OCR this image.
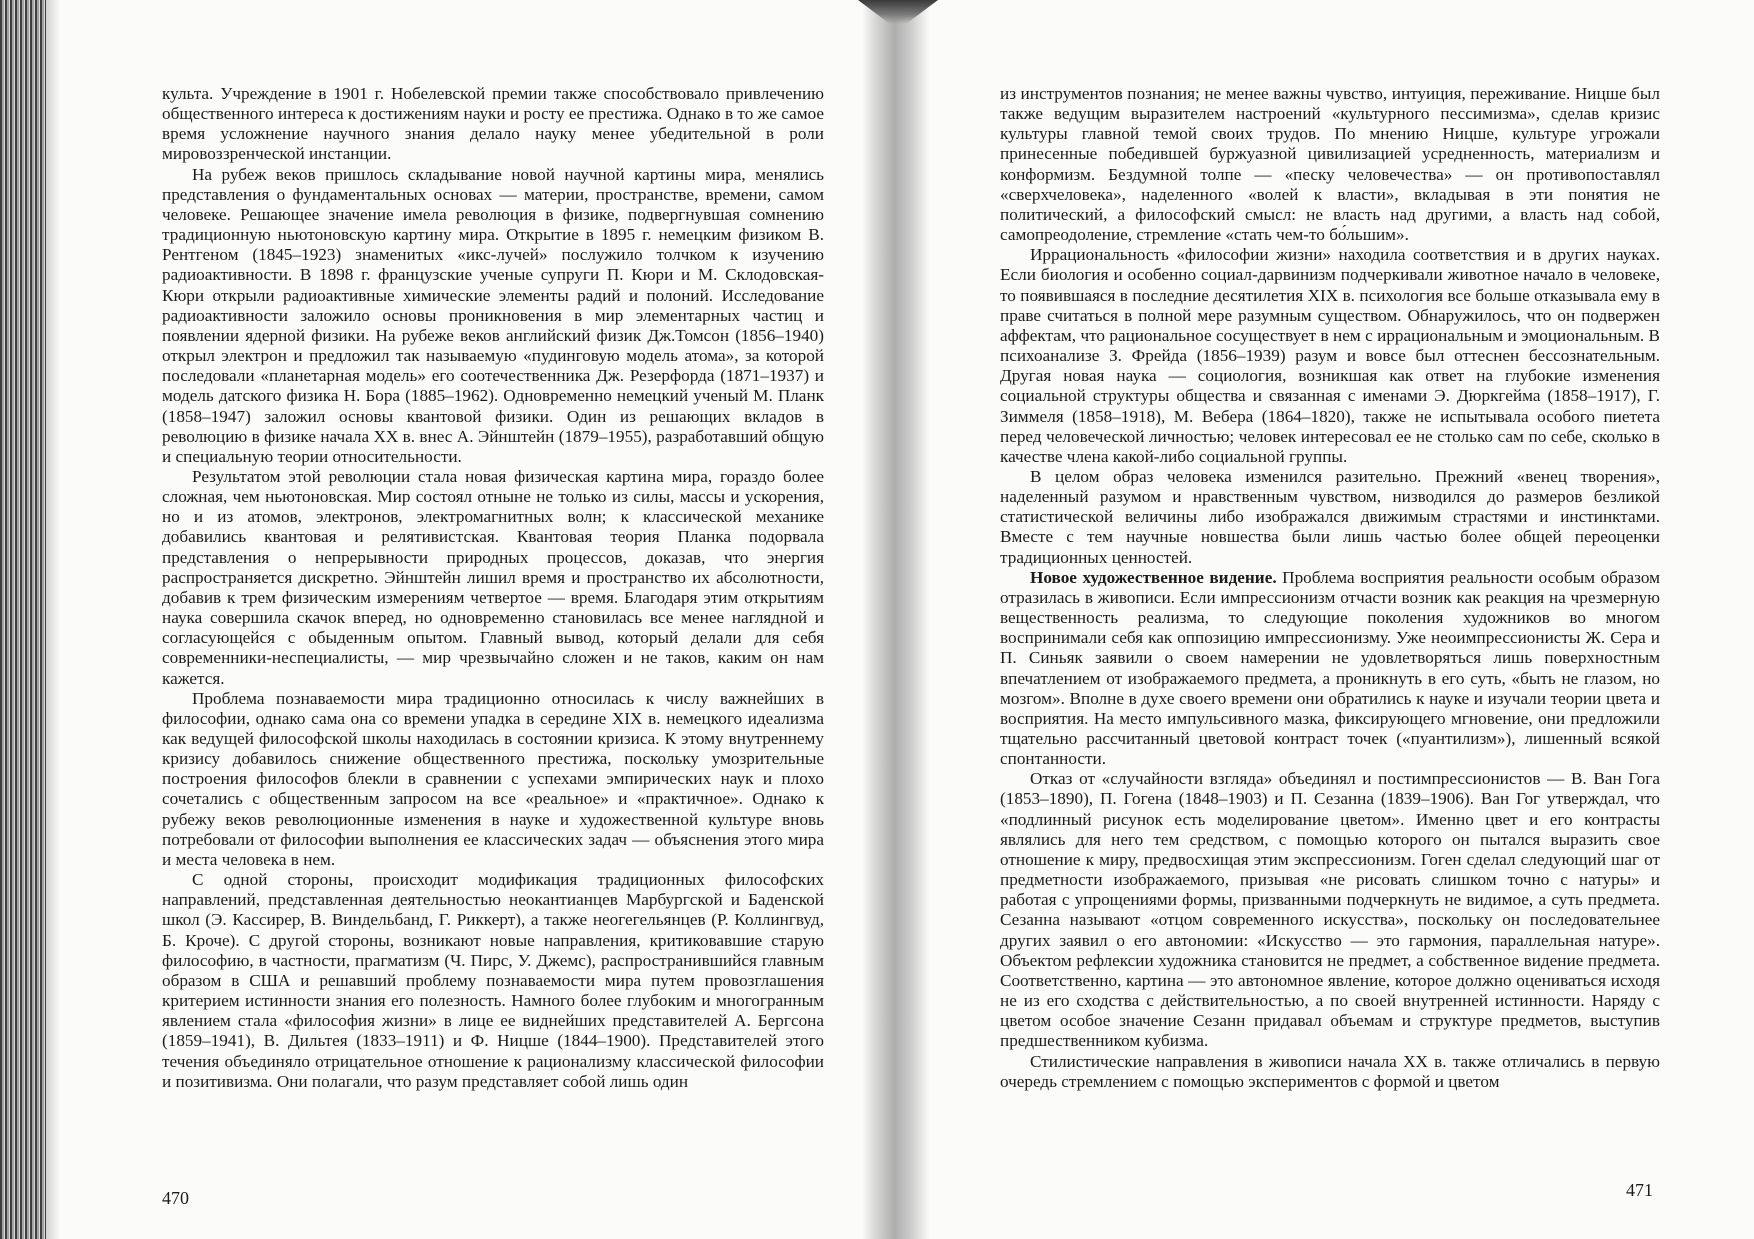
культа. Учреждение в 1901 г. Нобелевской премии также способствовало привлечению общественного интереса к достижениям науки и росту ее престижа. Однако в то же самое время усложнение научного знания делало науку менее убедительной в роли мировоззренческой инстанции.

На рубеж веков пришлось складывание новой научной картины мира, менялись представления о фундаментальных основах — материи, пространстве, времени, самом человеке. Решающее значение имела революция в физике, подвергнувшая сомнению традиционную ньютоновскую картину мира. Открытие в 1895 г. немецким физиком В. Рентгеном (1845–1923) знаменитых «икс-лучей» послужило толчком к изучению радиоактивности. В 1898 г. французские ученые супруги П. Кюри и М. Склодовская-Кюри открыли радиоактивные химические элементы радий и полоний. Исследование радиоактивности заложило основы проникновения в мир элементарных частиц и появлении ядерной физики. На рубеже веков английский физик Дж.Томсон (1856–1940) открыл электрон и предложил так называемую «пудинговую модель атома», за которой последовали «планетарная модель» его соотечественника Дж. Резерфорда (1871–1937) и модель датского физика Н. Бора (1885–1962). Одновременно немецкий ученый М. Планк (1858–1947) заложил основы квантовой физики. Один из решающих вкладов в революцию в физике начала XX в. внес А. Эйнштейн (1879–1955), разработавший общую и специальную теории относительности.

Результатом этой революции стала новая физическая картина мира, гораздо более сложная, чем ньютоновская. Мир состоял отныне не только из силы, массы и ускорения, но и из атомов, электронов, электромагнитных волн; к классической механике добавились квантовая и релятивистская. Квантовая теория Планка подорвала представления о непрерывности природных процессов, доказав, что энергия распространяется дискретно. Эйнштейн лишил время и пространство их абсолютности, добавив к трем физическим измерениям четвертое — время. Благодаря этим открытиям наука совершила скачок вперед, но одновременно становилась все менее наглядной и согласующейся с обыденным опытом. Главный вывод, который делали для себя современники-неспециалисты, — мир чрезвычайно сложен и не таков, каким он нам кажется.

Проблема познаваемости мира традиционно относилась к числу важнейших в философии, однако сама она со времени упадка в середине XIX в. немецкого идеализма как ведущей философской школы находилась в состоянии кризиса. К этому внутреннему кризису добавилось снижение общественного престижа, поскольку умозрительные построения философов блекли в сравнении с успехами эмпирических наук и плохо сочетались с общественным запросом на все «реальное» и «практичное». Однако к рубежу веков революционные изменения в науке и художественной культуре вновь потребовали от философии выполнения ее классических задач — объяснения этого мира и места человека в нем.

С одной стороны, происходит модификация традиционных философских направлений, представленная деятельностью неокантианцев Марбургской и Баденской школ (Э. Кассирер, В. Виндельбанд, Г. Риккерт), а также неогегельянцев (Р. Коллингвуд, Б. Кроче). С другой стороны, возникают новые направления, критиковавшие старую философию, в частности, прагматизм (Ч. Пирс, У. Джемс), распространившийся главным образом в США и решавший проблему познаваемости мира путем провозглашения критерием истинности знания его полезность. Намного более глубоким и многогранным явлением стала «философия жизни» в лице ее виднейших представителей А. Бергсона (1859–1941), В. Дильтея (1833–1911) и Ф. Ницше (1844–1900). Представителей этого течения объединяло отрицательное отношение к рационализму классической философии и позитивизма. Они полагали, что разум представляет собой лишь один

470

из инструментов познания; не менее важны чувство, интуиция, переживание. Ницше был также ведущим выразителем настроений «культурного пессимизма», сделав кризис культуры главной темой своих трудов. По мнению Ницше, культуре угрожали принесенные победившей буржуазной цивилизацией усредненность, материализм и конформизм. Бездумной толпе — «песку человечества» — он противопоставлял «сверхчеловека», наделенного «волей к власти», вкладывая в эти понятия не политический, а философский смысл: не власть над другими, а власть над собой, самопреодоление, стремление «стать чем-то бо́льшим».

Иррациональность «философии жизни» находила соответствия и в других науках. Если биология и особенно социал-дарвинизм подчеркивали животное начало в человеке, то появившаяся в последние десятилетия XIX в. психология все больше отказывала ему в праве считаться в полной мере разумным существом. Обнаружилось, что он подвержен аффектам, что рациональное сосуществует в нем с иррациональным и эмоциональным. В психоанализе З. Фрейда (1856–1939) разум и вовсе был оттеснен бессознательным. Другая новая наука — социология, возникшая как ответ на глубокие изменения социальной структуры общества и связанная с именами Э. Дюркгейма (1858–1917), Г. Зиммеля (1858–1918), М. Вебера (1864–1820), также не испытывала особого пиетета перед человеческой личностью; человек интересовал ее не столько сам по себе, сколько в качестве члена какой-либо социальной группы.

В целом образ человека изменился разительно. Прежний «венец творения», наделенный разумом и нравственным чувством, низводился до размеров безликой статистической величины либо изображался движимым страстями и инстинктами. Вместе с тем научные новшества были лишь частью более общей переоценки традиционных ценностей.

Новое художественное видение. Проблема восприятия реальности особым образом отразилась в живописи. Если импрессионизм отчасти возник как реакция на чрезмерную вещественность реализма, то следующие поколения художников во многом воспринимали себя как оппозицию импрессионизму. Уже неоимпрессионисты Ж. Сера и П. Синьяк заявили о своем намерении не удовлетворяться лишь поверхностным впечатлением от изображаемого предмета, а проникнуть в его суть, «быть не глазом, но мозгом». Вполне в духе своего времени они обратились к науке и изучали теории цвета и восприятия. На место импульсивного мазка, фиксирующего мгновение, они предложили тщательно рассчитанный цветовой контраст точек («пуантилизм»), лишенный всякой спонтанности.

Отказ от «случайности взгляда» объединял и постимпрессионистов — В. Ван Гога (1853–1890), П. Гогена (1848–1903) и П. Сезанна (1839–1906). Ван Гог утверждал, что «подлинный рисунок есть моделирование цветом». Именно цвет и его контрасты являлись для него тем средством, с помощью которого он пытался выразить свое отношение к миру, предвосхищая этим экспрессионизм. Гоген сделал следующий шаг от предметности изображаемого, призывая «не рисовать слишком точно с натуры» и работая с упрощениями формы, призванными подчеркнуть не видимое, а суть предмета. Сезанна называют «отцом современного искусства», поскольку он последовательнее других заявил о его автономии: «Искусство — это гармония, параллельная натуре». Объектом рефлексии художника становится не предмет, а собственное видение предмета. Соответственно, картина — это автономное явление, которое должно оцениваться исходя не из его сходства с действительностью, а по своей внутренней истинности. Наряду с цветом особое значение Сезанн придавал объемам и структуре предметов, выступив предшественником кубизма.

Стилистические направления в живописи начала XX в. также отличались в первую очередь стремлением с помощью экспериментов с формой и цветом

471
